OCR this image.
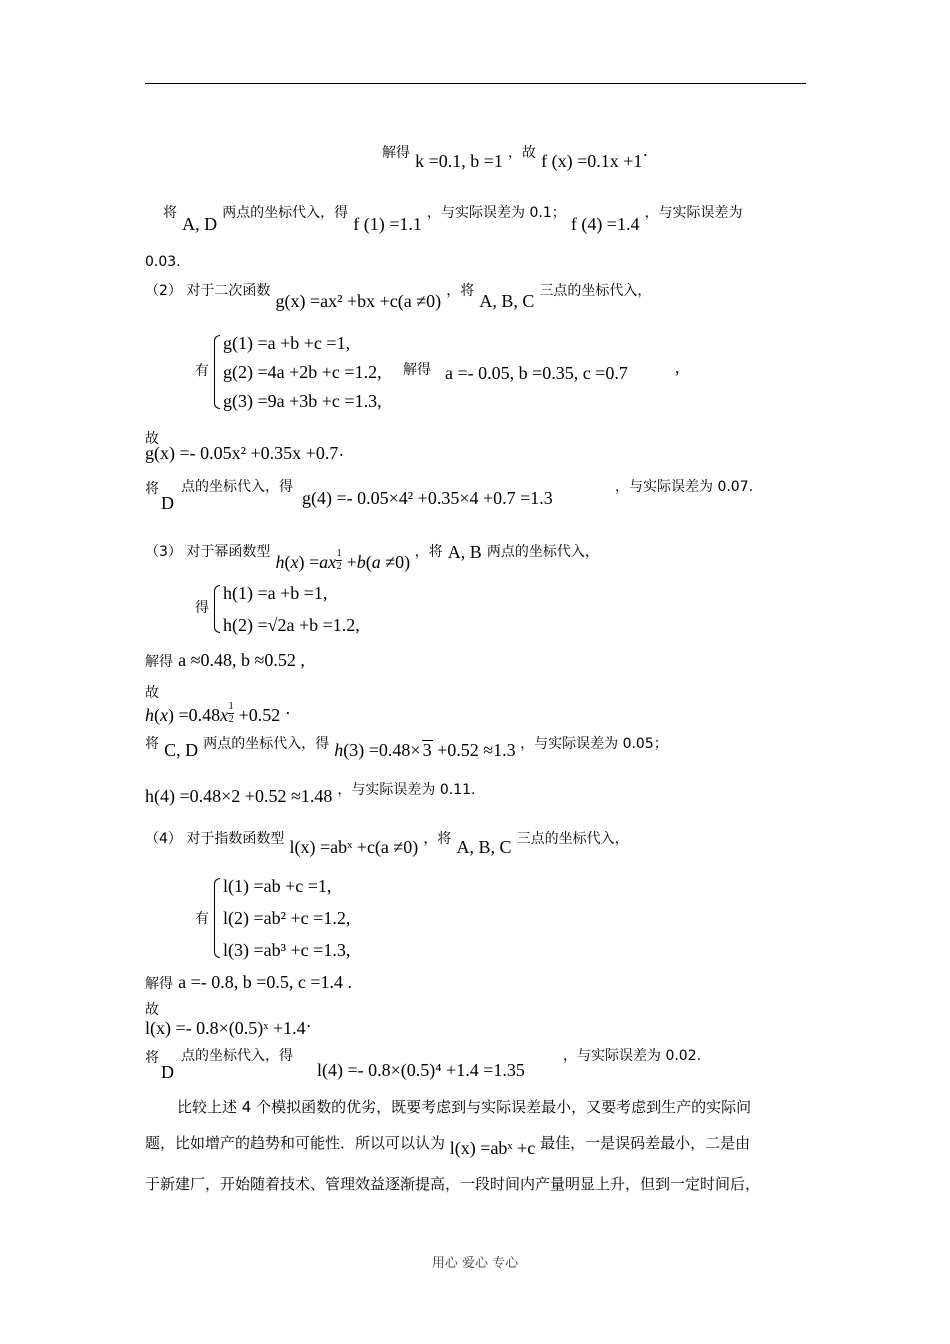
解得 k =0.1, b =1 ，故 f (x) =0.1x +1·
将 A, D 两点的坐标代入，得 f (1) =1.1 ，与实际误差为 0.1； f (4) =1.4 ，与实际误差为
0.03.
（2） 对于二次函数 g(x) =ax² +bx +c(a ≠0) ，将 A, B, C 三点的坐标代入，
有
g(1) =a +b +c =1,
g(2) =4a +2b +c =1.2,
g(3) =9a +3b +c =1.3,
解得 a =- 0.05, b =0.35, c =0.7	,
故
g(x) =- 0.05x² +0.35x +0.7·
将

D
点的坐标代入，得
g(4) =- 0.05×4² +0.35×4 +0.7 =1.3
，与实际误差为 0.07.
（3） 对于幂函数型 $h(x) =ax \frac{1}{2} +b(a \ne 0)$ ，将 A, B 两点的坐标代入，
得
h(1) =a +b =1,
h(2) =√2a +b =1.2,
解得 a ≈0.48, b ≈0.52 ,
故
$h(x) =0.48x \frac{1}{2} +0.52$ ·
将 C, D 两点的坐标代入，得 h(3) =0.48× 3 +0.52 ≈1.3 ，与实际误差为 0.05；
h(4) =0.48×2 +0.52 ≈1.48 ，与实际误差为 0.11.
（4） 对于指数函数型 l(x) =abˣ +c(a ≠0) ，将 A, B, C 三点的坐标代入，
有
l(1) =ab +c =1,
l(2) =ab² +c =1.2,
l(3) =ab³ +c =1.3,
解得 a =- 0.8, b =0.5, c =1.4 .
故
l(x) =- 0.8×(0.5)ˣ +1.4·
将

D
点的坐标代入，得
l(4) =- 0.8×(0.5)⁴ +1.4 =1.35
，与实际误差为 0.02.
比较上述 4 个模拟函数的优劣，既要考虑到与实际误差最小，又要考虑到生产的实际问
题，比如增产的趋势和可能性．所以可以认为 l(x) =abˣ +c 最佳，一是误码差最小，二是由
于新建厂，开始随着技术、管理效益逐渐提高，一段时间内产量明显上升，但到一定时间后，
用心 爱心 专心
